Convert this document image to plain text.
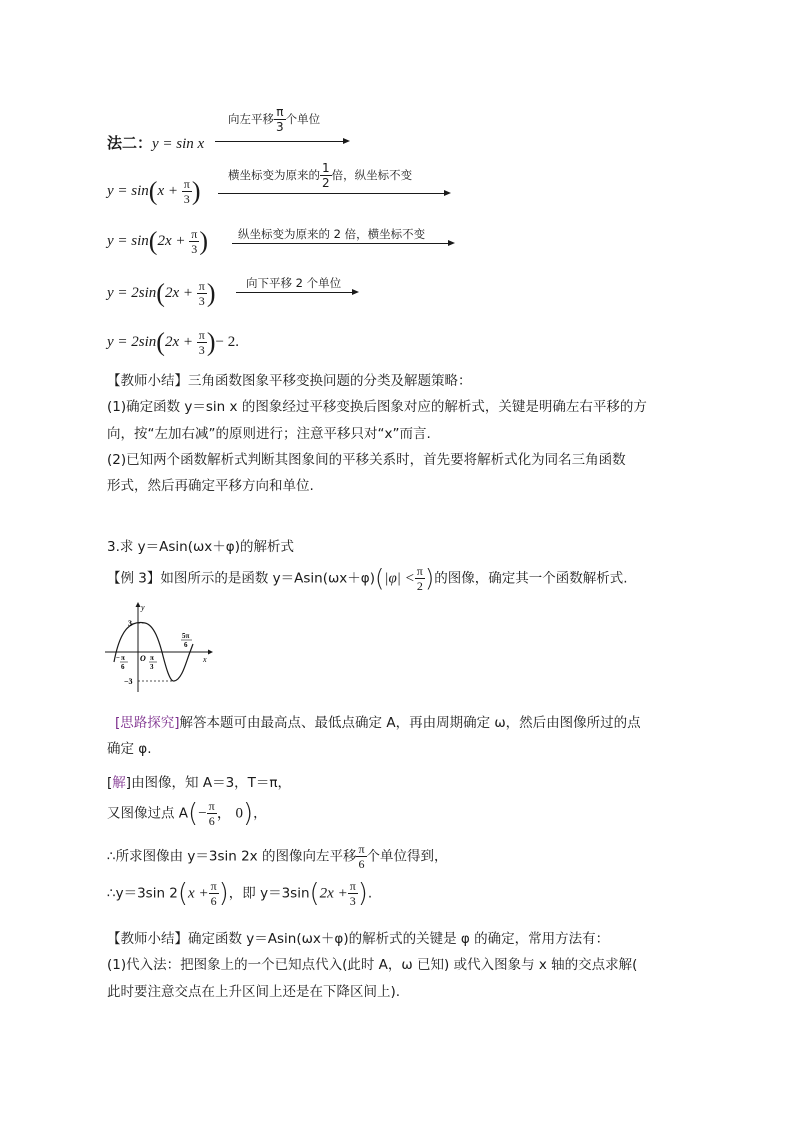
法二：y = sin x
向左平移 $\frac{\pi}{3}$ 个单位
$y = \sin(x + \frac{\pi}{3}$ )
横坐标变为原来的 $\frac{1}{2}$ 倍，纵坐标不变
$y = \sin(2x + \frac{\pi}{3}$ )	纵坐标变为原来的 2 倍，横坐标不变
$y = 2\sin(2x + \frac{\pi}{3}$ )	向下平移 2 个单位
$y = 2\sin(2x + \frac{\pi}{3}$ )− 2.
【教师小结】三角函数图象平移变换问题的分类及解题策略：
(1)确定函数 y＝sin x 的图象经过平移变换后图象对应的解析式，关键是明确左右平移的方
向，按“左加右减”的原则进行；注意平移只对“x”而言.
(2)已知两个函数解析式判断其图象间的平移关系时，首先要将解析式化为同名三角函数
形式，然后再确定平移方向和单位.
3.求 y＝Asin(ωx＋φ)的解析式
【例 3】如图所示的是函数 $y=Asin(\omega x+\varphi)(|\varphi| < \frac{\pi}{2}$ )的图像，确定其一个函数解析式.
y
x
3
−3
O
− π
6
π
3
5π
6
[思路探究]解答本题可由最高点、最低点确定 A，再由周期确定 ω，然后由图像所过的点
确定 φ.
[解]由图像，知 A＝3，T＝π，
又图像过点 $A(- \frac{\pi}{6}$ ， 0)，
∴所求图像由 y＝3sin 2x 的图像向左平移 $\frac{\pi}{6}$ 个单位得到，
∴y＝3sin $2(x + \frac{\pi}{6}$ )，即 $y=3\sin(2x + \frac{\pi}{3}$ ).
【教师小结】确定函数 y＝Asin(ωx＋φ)的解析式的关键是 φ 的确定，常用方法有：
(1)代入法：把图象上的一个已知点代入(此时 A，ω 已知) 或代入图象与 x 轴的交点求解(
此时要注意交点在上升区间上还是在下降区间上).
